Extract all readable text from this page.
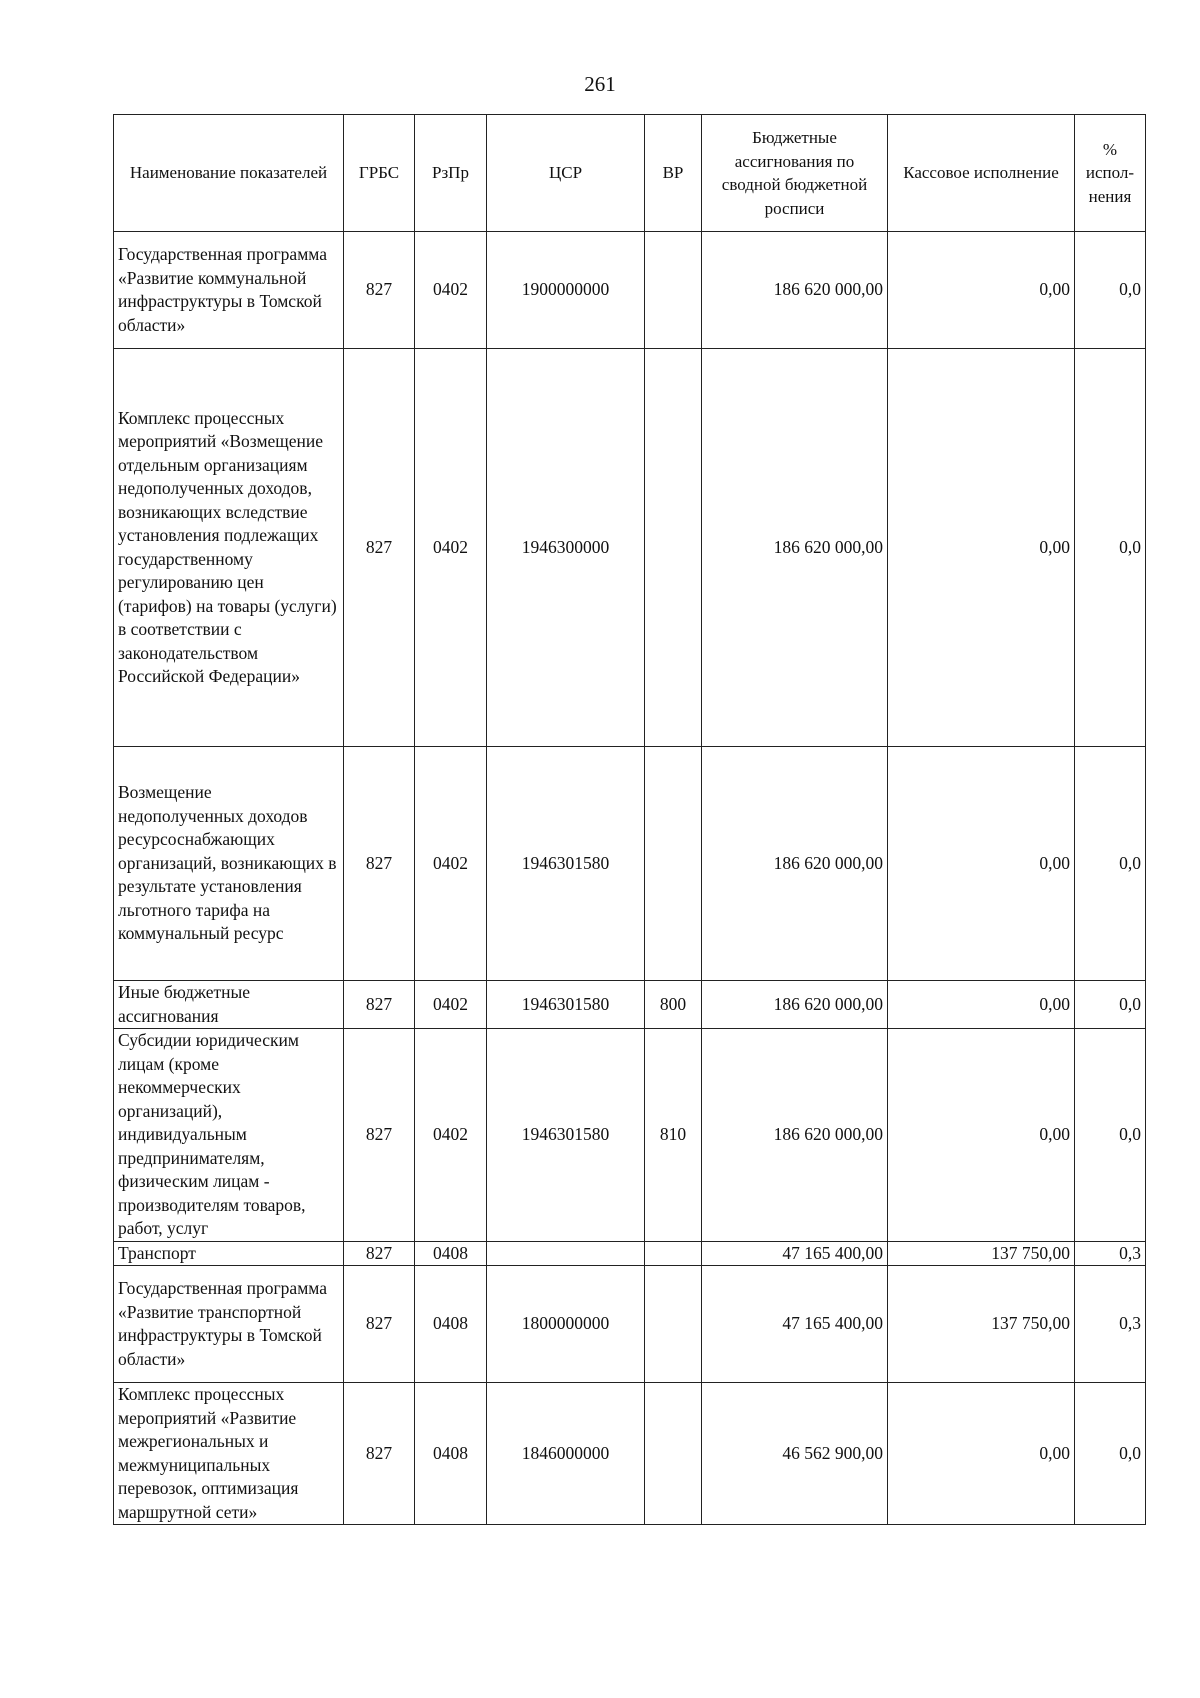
261
Наименование показателей	ГРБС	РзПр	ЦСР	ВР	Бюджетные ассигнования по сводной бюджетной росписи	Кассовое исполнение	% испол-нения
Государственная программа «Развитие коммунальной инфраструктуры в Томской области»	827	0402	1900000000		186 620 000,00	0,00	0,0
Комплекс процессных мероприятий «Возмещение отдельным организациям недополученных доходов, возникающих вследствие установления подлежащих государственному регулированию цен (тарифов) на товары (услуги) в соответствии с законодательством Российской Федерации»	827	0402	1946300000		186 620 000,00	0,00	0,0
Возмещение недополученных доходов ресурсоснабжающих организаций, возникающих в результате установления льготного тарифа на коммунальный ресурс	827	0402	1946301580		186 620 000,00	0,00	0,0
Иные бюджетные ассигнования	827	0402	1946301580	800	186 620 000,00	0,00	0,0
Субсидии юридическим лицам (кроме некоммерческих организаций), индивидуальным предпринимателям, физическим лицам - производителям товаров, работ, услуг	827	0402	1946301580	810	186 620 000,00	0,00	0,0
Транспорт	827	0408			47 165 400,00	137 750,00	0,3
Государственная программа «Развитие транспортной инфраструктуры в Томской области»	827	0408	1800000000		47 165 400,00	137 750,00	0,3
Комплекс процессных мероприятий «Развитие межрегиональных и межмуниципальных перевозок, оптимизация маршрутной сети»	827	0408	1846000000		46 562 900,00	0,00	0,0
